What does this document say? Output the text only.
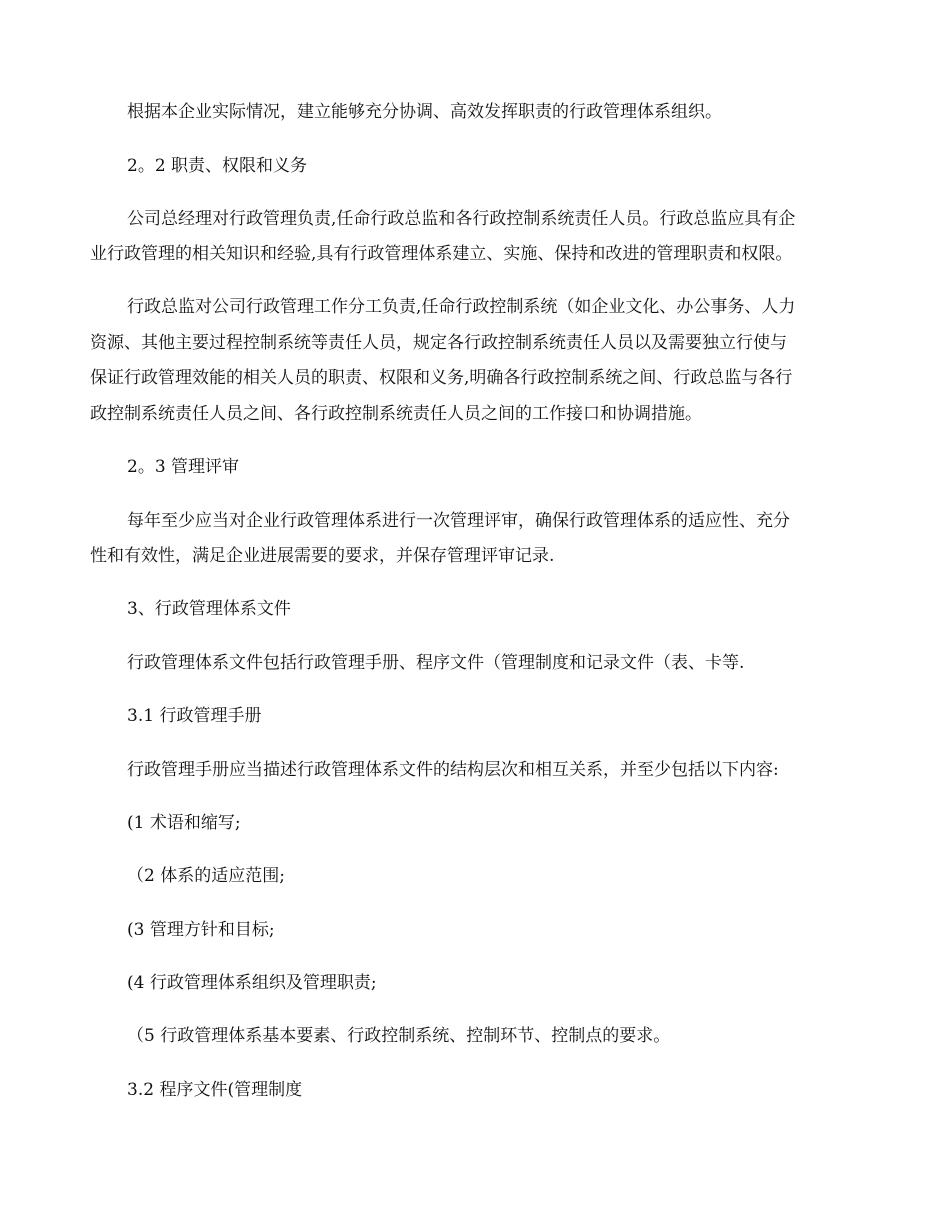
根据本企业实际情况，建立能够充分协调、高效发挥职责的行政管理体系组织。
2。2 职责、权限和义务
公司总经理对行政管理负责,任命行政总监和各行政控制系统责任人员。行政总监应具有企
业行政管理的相关知识和经验,具有行政管理体系建立、实施、保持和改进的管理职责和权限。
行政总监对公司行政管理工作分工负责,任命行政控制系统（如企业文化、办公事务、人力
资源、其他主要过程控制系统等责任人员，规定各行政控制系统责任人员以及需要独立行使与
保证行政管理效能的相关人员的职责、权限和义务,明确各行政控制系统之间、行政总监与各行
政控制系统责任人员之间、各行政控制系统责任人员之间的工作接口和协调措施。
2。3 管理评审
每年至少应当对企业行政管理体系进行一次管理评审，确保行政管理体系的适应性、充分
性和有效性，满足企业进展需要的要求，并保存管理评审记录.
3、行政管理体系文件
行政管理体系文件包括行政管理手册、程序文件（管理制度和记录文件（表、卡等.
3.1 行政管理手册
行政管理手册应当描述行政管理体系文件的结构层次和相互关系，并至少包括以下内容:
(1 术语和缩写;
（2 体系的适应范围;
(3 管理方针和目标;
(4 行政管理体系组织及管理职责;
（5 行政管理体系基本要素、行政控制系统、控制环节、控制点的要求。
3.2 程序文件(管理制度
